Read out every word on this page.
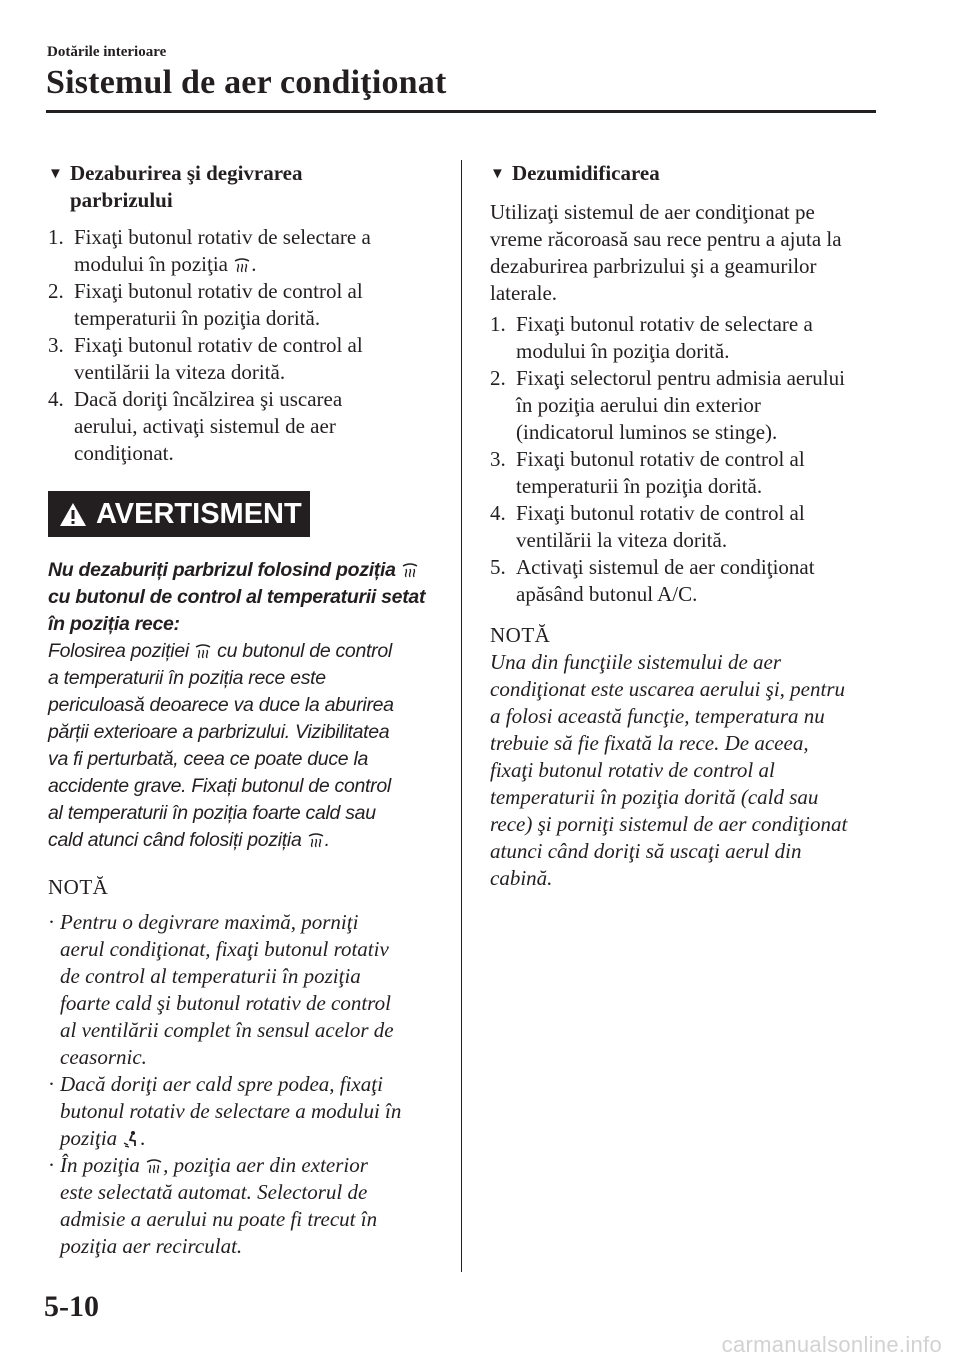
Dotările interioare
Sistemul de aer condiţionat
▼ Dezaburirea şi degivrarea
parbrizului
1. Fixaţi butonul rotativ de selectare a
modului în poziţia .
2. Fixaţi butonul rotativ de control al
temperaturii în poziţia dorită.
3. Fixaţi butonul rotativ de control al
ventilării la viteza dorită.
4. Dacă doriţi încălzirea şi uscarea
aerului, activaţi sistemul de aer
condiţionat.
AVERTISMENT
Nu dezaburiți parbrizul folosind poziția
cu butonul de control al temperaturii setat
în poziția rece:
Folosirea poziției  cu butonul de control
a temperaturii în poziția rece este
periculoasă deoarece va duce la aburirea
părții exterioare a parbrizului. Vizibilitatea
va fi perturbată, ceea ce poate duce la
accidente grave. Fixați butonul de control
al temperaturii în poziția foarte cald sau
cald atunci când folosiți poziția .
NOTĂ
· Pentru o degivrare maximă, porniţi
aerul condiţionat, fixaţi butonul rotativ
de control al temperaturii în poziţia
foarte cald şi butonul rotativ de control
al ventilării complet în sensul acelor de
ceasornic.
· Dacă doriţi aer cald spre podea, fixaţi
butonul rotativ de selectare a modului în
poziţia .
· În poziţia , poziţia aer din exterior
este selectată automat. Selectorul de
admisie a aerului nu poate fi trecut în
poziţia aer recirculat.
▼ Dezumidificarea
Utilizaţi sistemul de aer condiţionat pe
vreme răcoroasă sau rece pentru a ajuta la
dezaburirea parbrizului şi a geamurilor
laterale.
1. Fixaţi butonul rotativ de selectare a
modului în poziţia dorită.
2. Fixaţi selectorul pentru admisia aerului
în poziţia aerului din exterior
(indicatorul luminos se stinge).
3. Fixaţi butonul rotativ de control al
temperaturii în poziţia dorită.
4. Fixaţi butonul rotativ de control al
ventilării la viteza dorită.
5. Activaţi sistemul de aer condiţionat
apăsând butonul A/C.
NOTĂ
Una din funcţiile sistemului de aer
condiţionat este uscarea aerului şi, pentru
a folosi această funcţie, temperatura nu
trebuie să fie fixată la rece. De aceea,
fixaţi butonul rotativ de control al
temperaturii în poziţia dorită (cald sau
rece) şi porniţi sistemul de aer condiţionat
atunci când doriţi să uscaţi aerul din
cabină.
5-10
carmanualsonline.info
